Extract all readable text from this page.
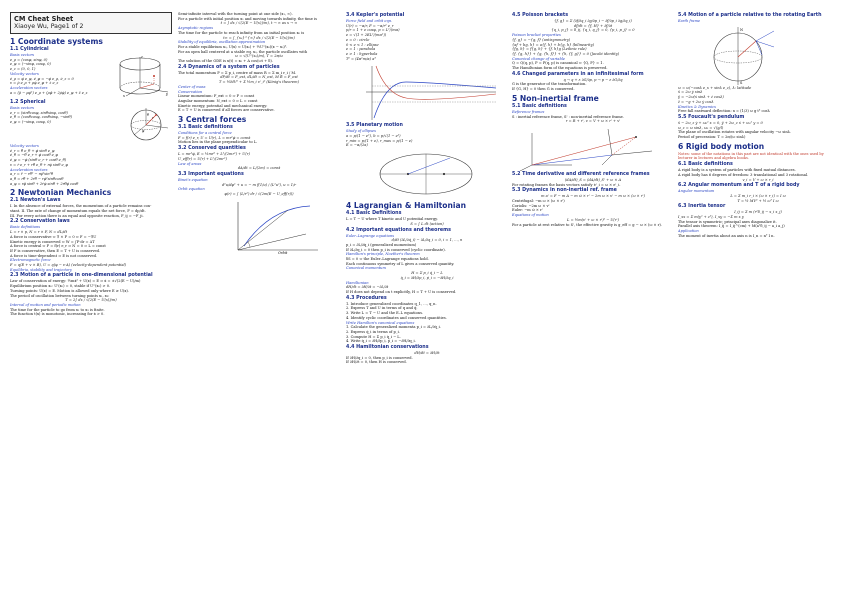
CM Cheat Sheet
Xiaoye Wu, Page1 of 2
1 Coordinate systems
1.1 Cylindrical
Basis vectors
e_ρ = (cosφ, sinφ, 0)
e_φ = (−sinφ, cosφ, 0)
e_z = (0, 0, 1)
Velocity vectors
ė_ρ = φ̇ e_φ, ė_φ = −φ̇ e_ρ, ė_z = 0
v = ρ̇ e_ρ + ρφ̇ e_φ + ż e_z
Acceleration vectors
a = (ρ̈ − ρφ̇²) e_ρ + (ρφ̈ + 2ρ̇φ̇) e_φ + z̈ e_z
z
y
x
1.2 Spherical
Basis vectors
e_r = (sinθcosφ, sinθsinφ, cosθ)
e_θ = (cosθcosφ, cosθsinφ, −sinθ)
e_φ = (−sinφ, cosφ, 0)
r
θ
φ
Velocity vectors
ė_r = θ̇ e_θ + φ̇ sinθ e_φ
ė_θ = −θ̇ e_r + φ̇ cosθ e_φ
ė_φ = −φ̇ (sinθ e_r + cosθ e_θ)
v = ṙ e_r + rθ̇ e_θ + rφ̇ sinθ e_φ
Acceleration vectors
a_r = r̈ − rθ̇² − rφ̇²sin²θ
a_θ = rθ̈ + 2ṙθ̇ − rφ̇²sinθcosθ
a_φ = rφ̈ sinθ + 2ṙφ̇ sinθ + 2rθ̇φ̇ cosθ
2 Newtonian Mechanics
2.1 Newton's Laws
I. In the absence of external forces, the momentum of a particle remains con-
stant. II. The rate of change of momentum equals the net force, F = dp/dt.
III. For every action there is an equal and opposite reaction, F_ij = −F_ji.
2.2 Conservation laws
Basic definitions
L = r × p, N = r × F, N = dL/dt
A force is conservative ⇔ ∇ × F = 0 ⇔ F = −∇U
Kinetic energy is conserved ⇔ W = ∫F·dr = ΔT
A force is central ⇔ F = f(r) e_r ⇒ N = 0 ⇒ L = const
If F is conservative, then E = T + U is conserved.
A force is time-dependent ⇒ E is not conserved.
Electromagnetic force
F = q(E + v × B), U = q(φ − v·A) (velocity-dependent potential)
Equilibria, stability and trajectory
2.3 Motion of a particle in one-dimensional potential
Law of conservation of energy: ½mẋ² + U(x) = E ⇒ ẋ = ±√(2(E − U)/m)
Equilibrium position x₀: U'(x₀) = 0, stable if U''(x₀) > 0.
Turning points: U(x) = E. Motion is allowed only where E ≥ U(x).
The period of oscillation between turning points x₁, x₂:
T = 2∫ dx / √(2(E − U(x))/m)
Interval of motion and periodic motion
The time for the particle to go from x₁ to x₂ is finite.
The function t(x) is monotonic, increasing for ẋ > 0.
Semi-infinite interval with the turning point at one side (x₁, ∞).
For a particle with initial position x₁ and moving towards infinity, the time is
t = ∫ dx / √(2(E − U(x))/m), t → ∞ as x → ∞
Asymptotic regions
The time for the particle to reach infinity from an initial position x₀ is
t∞ = ∫_{x₀}^{∞} dx / √(2(E − U(x))/m)
Stability of equilibria, oscillation approximation
For a stable equilibrium x₀, U(x) ≈ U(x₀) + ½U''(x₀)(x − x₀)².
For an open ball centered at a stable eq. x₀, the particle oscillates with
ω = √(U''(x₀)/m), T = 2π/ω
The solution of the ODE is x(t) = x₀ + A cos(ωt + δ).
2.4 Dynamics of a system of particles
The total momentum P = Σ p_i, centre of mass R = Σ m_i r_i / M.
dP/dt = F_ext, dL/dt = N_ext, M R̈ = F_ext
T = ½MV² + Σ ½m_i v'_i² (König's theorem)
Center of mass
Conservation
Linear momentum: F_ext = 0 ⇒ P = const
Angular momentum: N_ext = 0 ⇒ L = const
Kinetic energy, potential and mechanical energy:
E = T + U is conserved if all forces are conservative.
3 Central forces
3.1 Basic definitions
Conditions for a central force
F = f(r) e_r, U = U(r), L = mr²φ̇ = const
Motion lies in the plane perpendicular to L.
3.2 Conserved quantities
L = mr²φ̇, E = ½mṙ² + L²/(2mr²) + U(r)
U_eff(r) = U(r) + L²/(2mr²)
Law of areas
dA/dt = L/(2m) = const
3.3 Important equations
Binet's equation
d²u/dφ² + u = − m f(1/u) / (L²u²), u = 1/r
Orbit equation
φ(r) = ∫ (L/r²) dr / √(2m(E − U_eff(r)))
Orbit
3.4 Kepler's potential
Force field and orbit eqn.
U(r) = −α/r, F = −α/r² e_r
p/r = 1 + e cosφ, p = L²/(mα)
e = √(1 + 2EL²/(mα²))
e = 0 : circle
0 < e < 1 : ellipse
e = 1 : parabola
e > 1 : hyperbola
T² = (4π²m/α) a³
3.5 Planetary motion
Study of ellipses
a = p/(1 − e²), b = p/√(1 − e²)
r_min = p/(1 + e), r_max = p/(1 − e)
E = −α/(2a)
4 Lagrangian & Hamiltonian
4.1 Basic Definitions
L = T − U where T kinetic and U potential energy.
S = ∫ L dt (action)
4.2 Important equations and theorems
Euler–Lagrange equations
d/dt (∂L/∂q̇_i) − ∂L/∂q_i = 0, i = 1, …, n
p_i = ∂L/∂q̇_i (generalized momentum)
If ∂L/∂q_i = 0 then p_i is conserved (cyclic coordinate).
Hamilton's principle, Noether's theorem
δS = 0 ⇔ the Euler–Lagrange equations hold.
Each continuous symmetry of L gives a conserved quantity.
Canonical momentum
H = Σ p_i q̇_i − L
q̇_i = ∂H/∂p_i, ṗ_i = −∂H/∂q_i
Hamiltonian
dH/dt = ∂H/∂t = −∂L/∂t
If H does not depend on t explicitly, H = T + U is conserved.
4.3 Procedures
1. Introduce generalized coordinates q_1, …, q_n.
2. Express T and U in terms of q and q̇.
3. Write L = T − U and the E–L equations.
4. Identify cyclic coordinates and conserved quantities.
Write Hamilton's canonical equations
1. Calculate the generalized momenta p_i = ∂L/∂q̇_i.
2. Express q̇_i in terms of p_i.
3. Compute H = Σ p_i q̇_i − L.
4. Write q̇_i = ∂H/∂p_i, ṗ_i = −∂H/∂q_i.
4.4 Hamiltonian conservations
dH/dt = ∂H/∂t
If ∂H/∂q_i = 0, then p_i is conserved.
If ∂H/∂t = 0, then H is conserved.
4.5 Poisson brackets
{f, g} = Σ (∂f/∂q_i ∂g/∂p_i − ∂f/∂p_i ∂g/∂q_i)
df/dt = {f, H} + ∂f/∂t
{q_i, p_j} = δ_ij, {q_i, q_j} = 0, {p_i, p_j} = 0
Poisson bracket properties
{f, g} = −{g, f} (antisymmetry)
{af + bg, h} = a{f, h} + b{g, h} (bilinearity)
{fg, h} = f{g, h} + {f, h}g (Leibniz rule)
{f, {g, h}} + {g, {h, f}} + {h, {f, g}} = 0 (Jacobi identity)
Canonical change of variable
Q = Q(q, p), P = P(q, p) is canonical ⇔ {Q, P} = 1.
The Hamiltonian form of the equations is preserved.
4.6 Changed parameters in an infinitesimal form
q → q + ε ∂G/∂p, p → p − ε ∂G/∂q
G is the generator of the transformation.
If {G, H} = 0 then G is conserved.
5 Non-inertial frame
5.1 Basic definitions
Reference frames
S : inertial reference frame, S' : non-inertial reference frame.
r = R + r', v = V + ω × r' + v'
5.2 Time derivative and different reference frames
(dA/dt)_S = (dA/dt)_S' + ω × A
For rotating frames the basis vectors satisfy ė'_i = ω × e'_i.
5.3 Dynamics in non-inertial ref. frame
m a' = F − m A − m ω̇ × r' − 2m ω × v' − m ω × (ω × r')
Centrifugal: −m ω × (ω × r')
Coriolis: −2m ω × v'
Euler: −m ω̇ × r'
Equations of motion
L = ½m(v' + ω × r')² − U(r')
For a particle at rest relative to S', the effective gravity is g_eff = g − ω × (ω × r).
5.4 Motion of a particle relative to the rotating Earth
Earth frame
N
S
ω = ω(−cosλ e_x + sinλ e_z), λ: latitude
ẍ = 2ω ẏ sinλ
ÿ = −2ω(ẋ sinλ + ż cosλ)
z̈ = −g + 2ω ẏ cosλ
Kinetics & Dynamics
Free fall eastward deflection: x = (1/3) ω g t³ cosλ
5.5 Foucault's pendulum
ẍ − 2ω_z ẏ + ω₀² x = 0, ÿ + 2ω_z ẋ + ω₀² y = 0
ω_z = ω sinλ, ω₀ = √(g/l)
The plane of oscillation rotates with angular velocity −ω sinλ.
Period of precession: T = 2π/(ω sinλ)
6 Rigid body motion
Notes: some of the notations in this part are not identical with the ones used by
lecturer in lectures and algebra books.
6.1 Basic definitions
A rigid body is a system of particles with fixed mutual distances.
A rigid body has 6 degrees of freedom: 3 translational and 3 rotational.
v_i = V + ω × r_i
6.2 Angular momentum and T of a rigid body
Angular momentum
L = Σ m_i r_i × (ω × r_i) = I ω
T = ½ MV² + ½ ωᵀ I ω
6.3 Inertia tensor
I_ij = Σ m (r²δ_ij − x_i x_j)
I_xx = Σ m(y² + z²), I_xy = −Σ m x y
The tensor is symmetric; principal axes diagonalize it.
Parallel axis theorem: I_ij = I_ij^(cm) + M(a²δ_ij − a_i a_j)
Application
The moment of inertia about an axis n is I_n = nᵀ I n.
